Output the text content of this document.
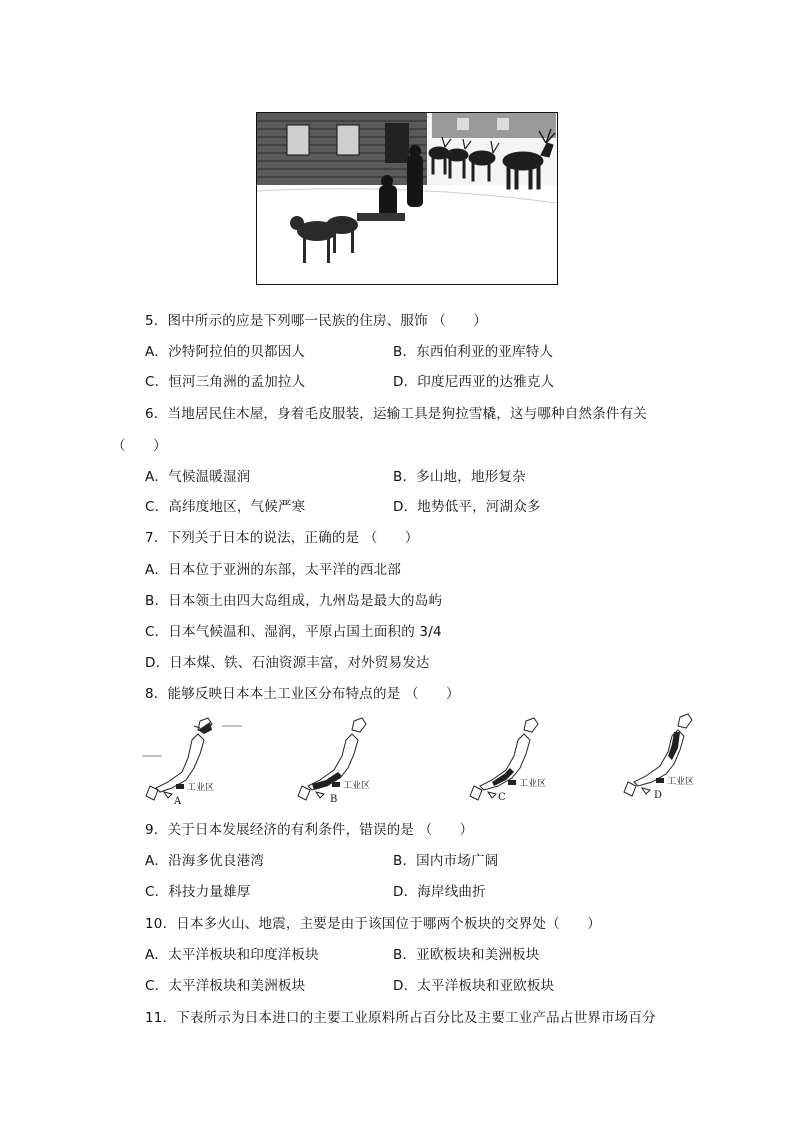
5．图中所示的应是下列哪一民族的住房、服饰 （　　）
A．沙特阿拉伯的贝都因人	B．东西伯利亚的亚库特人
C．恒河三角洲的孟加拉人	D．印度尼西亚的达雅克人
6．当地居民住木屋，身着毛皮服装，运输工具是狗拉雪橇，这与哪种自然条件有关
（　　）
A．气候温暖湿润	B．多山地，地形复杂
C．高纬度地区，气候严寒	D．地势低平，河湖众多
7．下列关于日本的说法，正确的是 （　　）
A．日本位于亚洲的东部，太平洋的西北部
B．日本领土由四大岛组成，九州岛是最大的岛屿
C．日本气候温和、湿润，平原占国土面积的 3/4
D．日本煤、铁、石油资源丰富，对外贸易发达
8．能够反映日本本土工业区分布特点的是 （　　）
工业区
A
工业区
B
工业区
C
工业区
D
9．关于日本发展经济的有利条件，错误的是 （　　）
A．沿海多优良港湾	B．国内市场广阔
C．科技力量雄厚	D．海岸线曲折
10．日本多火山、地震，主要是由于该国位于哪两个板块的交界处（　　）
A．太平洋板块和印度洋板块	B．亚欧板块和美洲板块
C．太平洋板块和美洲板块	D．太平洋板块和亚欧板块
11．下表所示为日本进口的主要工业原料所占百分比及主要工业产品占世界市场百分
